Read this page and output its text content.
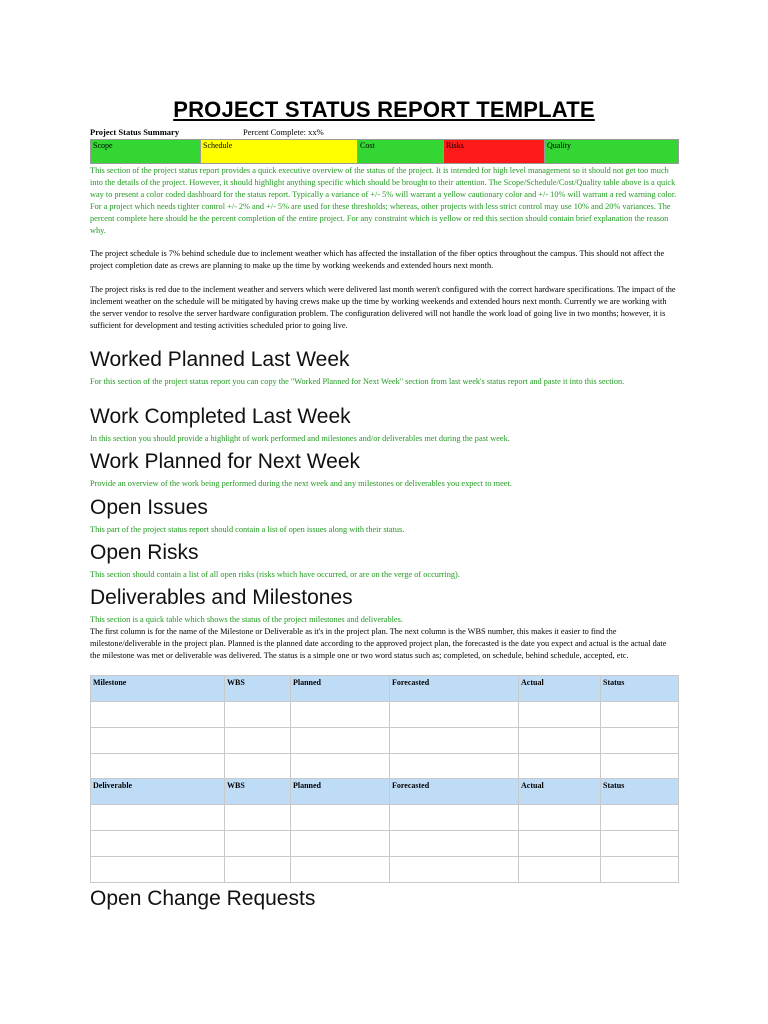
PROJECT STATUS REPORT TEMPLATE
Project Status Summary	Percent Complete: xx%
Scope	Schedule	Cost	Risks	Quality

This section of the project status report provides a quick executive overview of the status of the project. It is intended for high level management so it should not get too much into the details of the project. However, it should highlight anything specific which should be brought to their attention. The Scope/Schedule/Cost/Quality table above is a quick way to present a color coded dashboard for the status report. Typically a variance of +/- 5% will warrant a yellow cautionary color and +/- 10% will warrant a red warning color. For a project which needs tighter control +/- 2% and +/- 5% are used for these thresholds; whereas, other projects with less strict control may use 10% and 20% variances. The percent complete here should be the percent completion of the entire project. For any constraint which is yellow or red this section should contain brief explanation the reason why.

The project schedule is 7% behind schedule due to inclement weather which has affected the installation of the fiber optics throughout the campus. This should not affect the project completion date as crews are planning to make up the time by working weekends and extended hours next month.

The project risks is red due to the inclement weather and servers which were delivered last month weren't configured with the correct hardware specifications. The impact of the inclement weather on the schedule will be mitigated by having crews make up the time by working weekends and extended hours next month. Currently we are working with the server vendor to resolve the server hardware configuration problem. The configuration delivered will not handle the work load of going live in two months; however, it is sufficient for development and testing activities scheduled prior to going live.

Worked Planned Last Week

For this section of the project status report you can copy the "Worked Planned for Next Week" section from last week's status report and paste it into this section.

Work Completed Last Week

In this section you should provide a highlight of work performed and milestones and/or deliverables met during the past week.

Work Planned for Next Week

Provide an overview of the work being performed during the next week and any milestones or deliverables you expect to meet.

Open Issues

This part of the project status report should contain a list of open issues along with their status.

Open Risks

This section should contain a list of all open risks (risks which have occurred, or are on the verge of occurring).

Deliverables and Milestones

This section is a quick table which shows the status of the project milestones and deliverables.

The first column is for the name of the Milestone or Deliverable as it's in the project plan. The next column is the WBS number, this makes it easier to find the milestone/deliverable in the project plan. Planned is the planned date according to the approved project plan, the forecasted is the date you expect and actual is the actual date the milestone was met or deliverable was delivered. The status is a simple one or two word status such as; completed, on schedule, behind schedule, accepted, etc.

Milestone	WBS	Planned	Forecasted	Actual	Status

Deliverable	WBS	Planned	Forecasted	Actual	Status

Open Change Requests
